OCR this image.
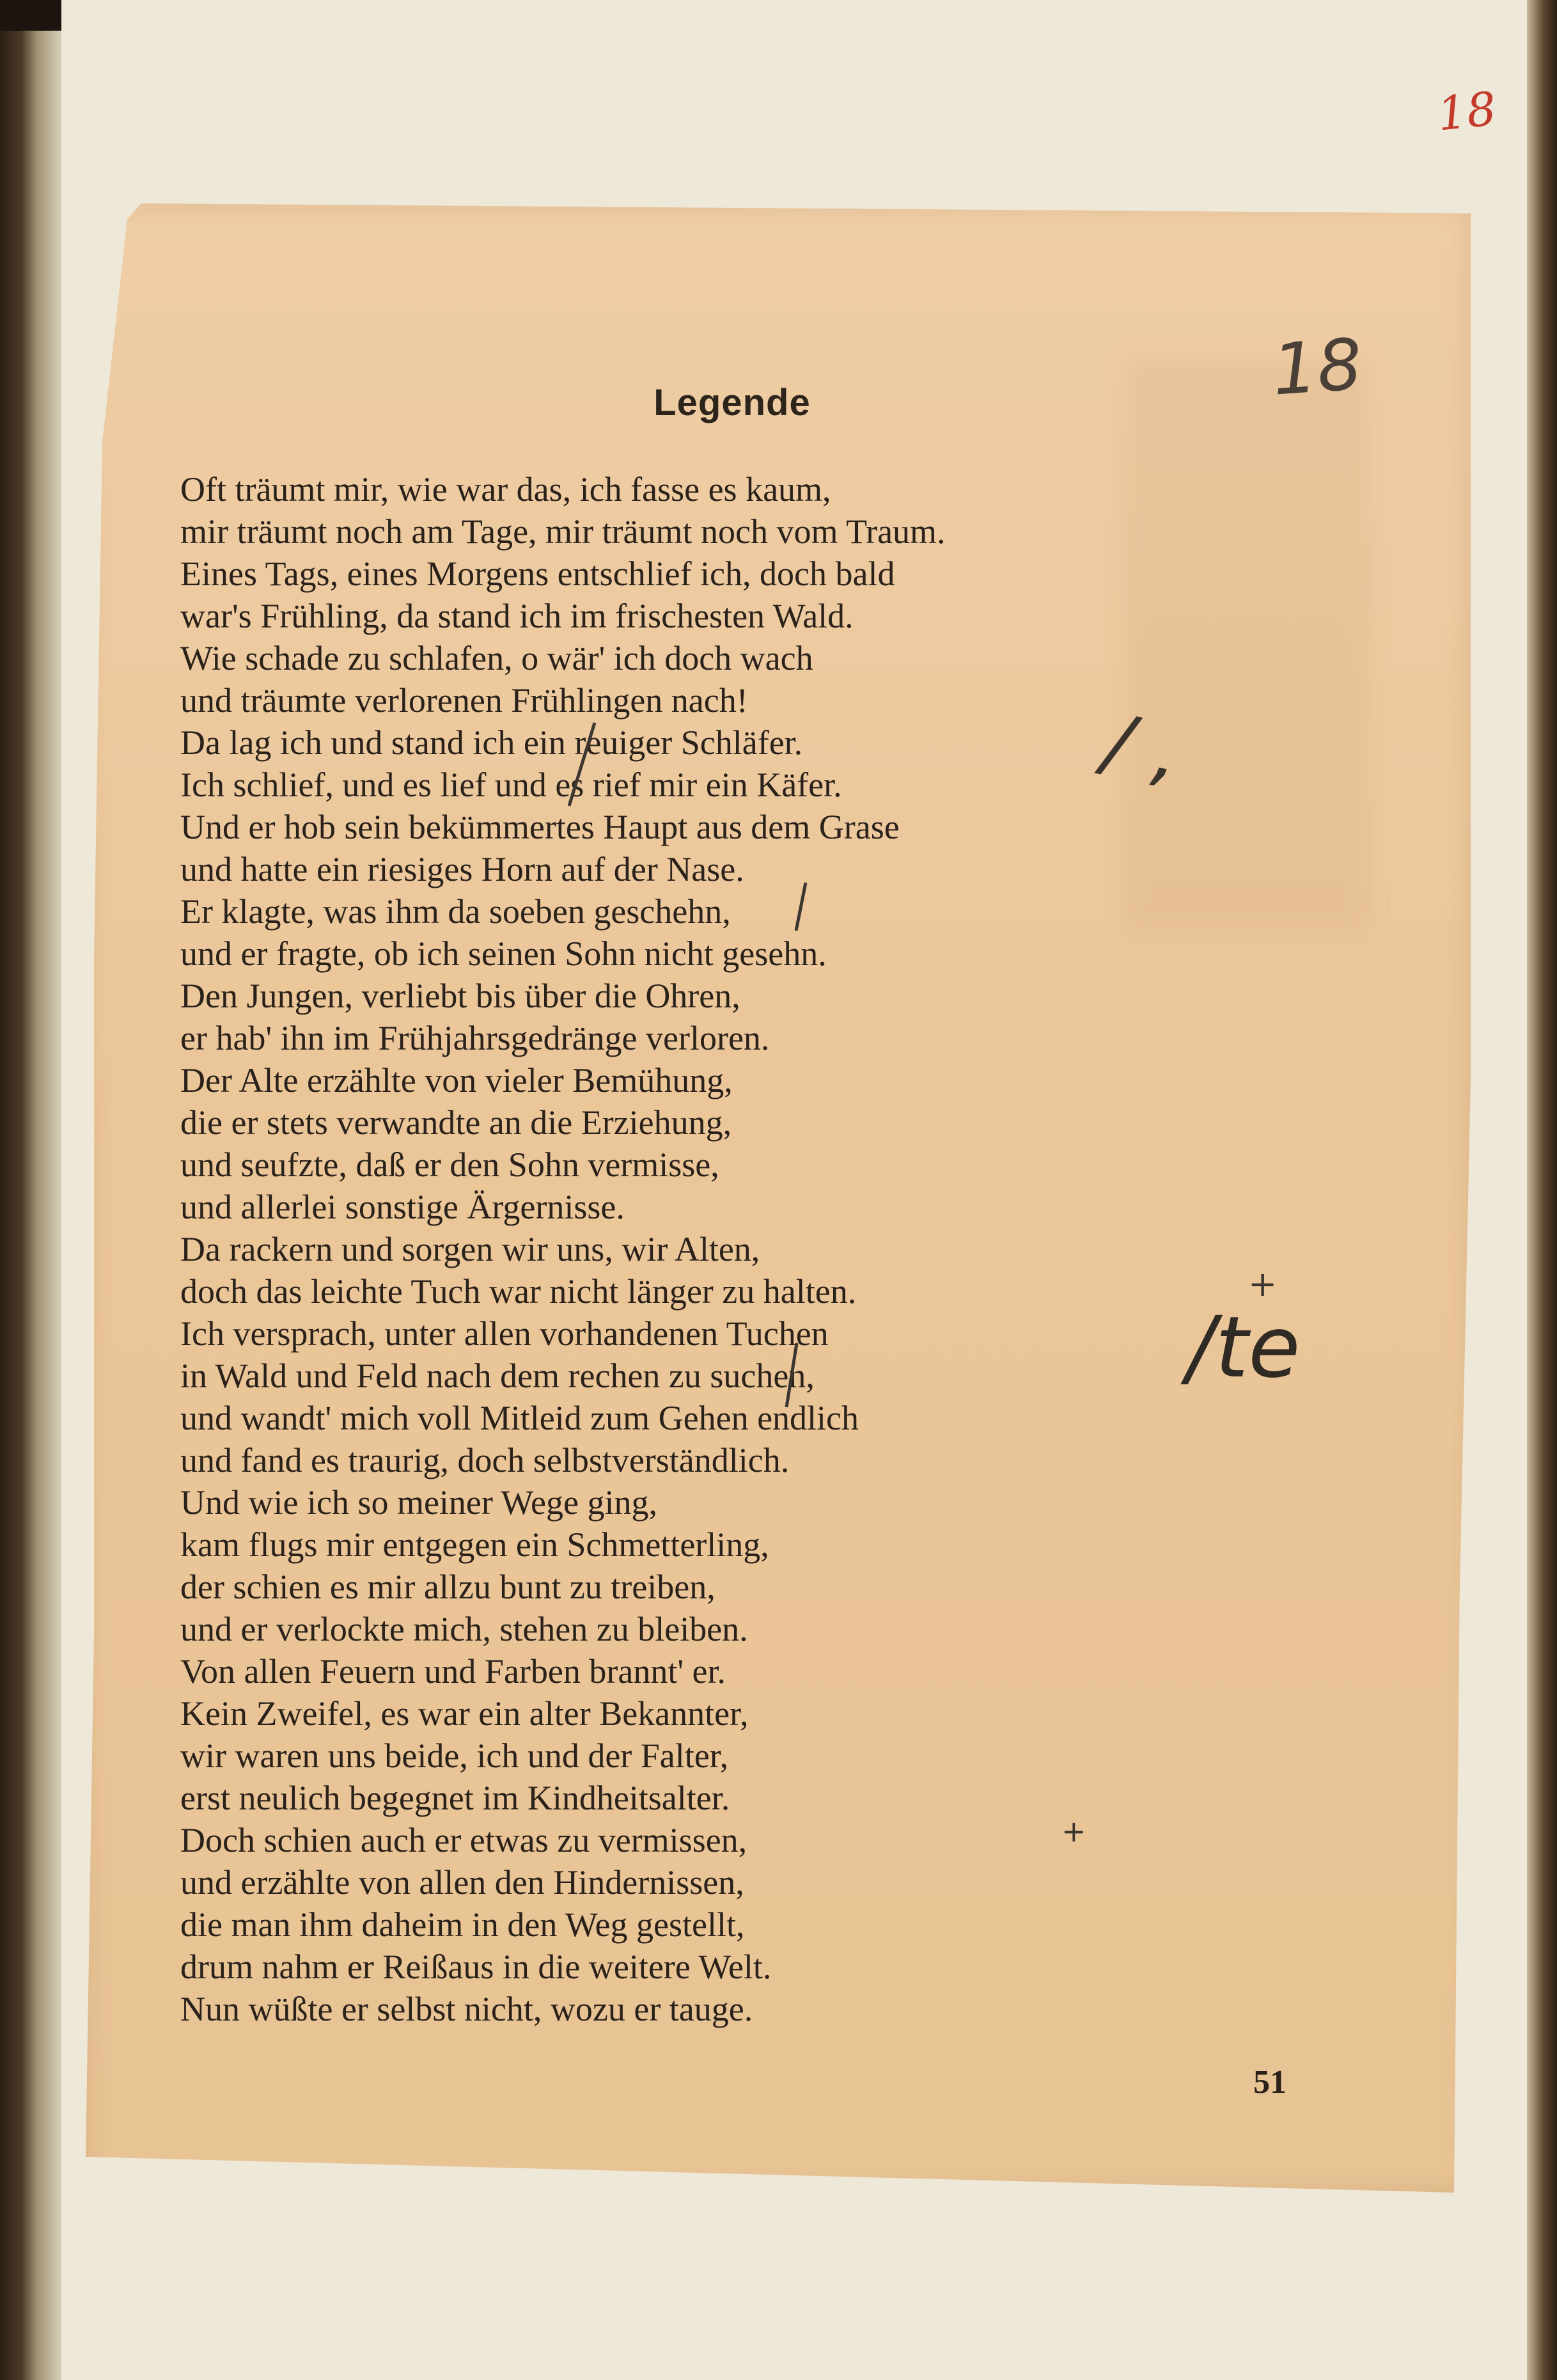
18
Legende
Oft träumt mir, wie war das, ich fasse es kaum,
mir träumt noch am Tage, mir träumt noch vom Traum.
Eines Tags, eines Morgens entschlief ich, doch bald
war's Frühling, da stand ich im frischesten Wald.
Wie schade zu schlafen, o wär' ich doch wach
und träumte verlorenen Frühlingen nach!
Da lag ich und stand ich ein reuiger Schläfer.
Ich schlief, und es lief und es rief mir ein Käfer.
Und er hob sein bekümmertes Haupt aus dem Grase
und hatte ein riesiges Horn auf der Nase.
Er klagte, was ihm da soeben geschehn,
und er fragte, ob ich seinen Sohn nicht gesehn.
Den Jungen, verliebt bis über die Ohren,
er hab' ihn im Frühjahrsgedränge verloren.
Der Alte erzählte von vieler Bemühung,
die er stets verwandte an die Erziehung,
und seufzte, daß er den Sohn vermisse,
und allerlei sonstige Ärgernisse.
Da rackern und sorgen wir uns, wir Alten,
doch das leichte Tuch war nicht länger zu halten.
Ich versprach, unter allen vorhandenen Tuchen
in Wald und Feld nach dem rechen zu suchen,
und wandt' mich voll Mitleid zum Gehen endlich
und fand es traurig, doch selbstverständlich.
Und wie ich so meiner Wege ging,
kam flugs mir entgegen ein Schmetterling,
der schien es mir allzu bunt zu treiben,
und er verlockte mich, stehen zu bleiben.
Von allen Feuern und Farben brannt' er.
Kein Zweifel, es war ein alter Bekannter,
wir waren uns beide, ich und der Falter,
erst neulich begegnet im Kindheitsalter.
Doch schien auch er etwas zu vermissen,
und erzählte von allen den Hindernissen,
die man ihm daheim in den Weg gestellt,
drum nahm er Reißaus in die weitere Welt.
Nun wüßte er selbst nicht, wozu er tauge.
51
18
/ ,
+
/te
+
